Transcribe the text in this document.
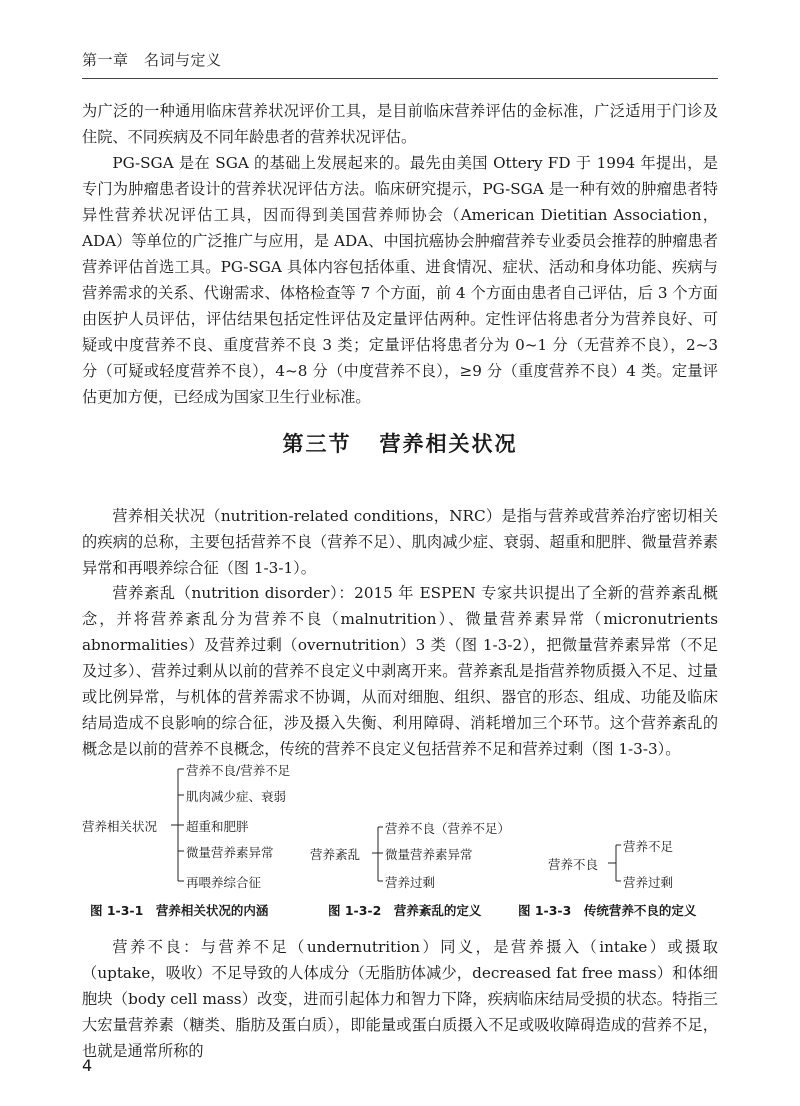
第一章　名词与定义

为广泛的一种通用临床营养状况评价工具，是目前临床营养评估的金标准，广泛适用于门诊及住院、不同疾病及不同年龄患者的营养状况评估。

PG-SGA 是在 SGA 的基础上发展起来的。最先由美国 Ottery FD 于 1994 年提出，是专门为肿瘤患者设计的营养状况评估方法。临床研究提示，PG-SGA 是一种有效的肿瘤患者特异性营养状况评估工具，因而得到美国营养师协会（American Dietitian Association，ADA）等单位的广泛推广与应用，是 ADA、中国抗癌协会肿瘤营养专业委员会推荐的肿瘤患者营养评估首选工具。PG-SGA 具体内容包括体重、进食情况、症状、活动和身体功能、疾病与营养需求的关系、代谢需求、体格检查等 7 个方面，前 4 个方面由患者自己评估，后 3 个方面由医护人员评估，评估结果包括定性评估及定量评估两种。定性评估将患者分为营养良好、可疑或中度营养不良、重度营养不良 3 类；定量评估将患者分为 0~1 分（无营养不良），2~3 分（可疑或轻度营养不良），4~8 分（中度营养不良），≥9 分（重度营养不良）4 类。定量评估更加方便，已经成为国家卫生行业标准。

第三节 营养相关状况

营养相关状况（nutrition-related conditions，NRC）是指与营养或营养治疗密切相关的疾病的总称，主要包括营养不良（营养不足）、肌肉减少症、衰弱、超重和肥胖、微量营养素异常和再喂养综合征（图 1-3-1）。

营养紊乱（nutrition disorder）：2015 年 ESPEN 专家共识提出了全新的营养紊乱概念，并将营养紊乱分为营养不良（malnutrition）、微量营养素异常（micronutrients abnormalities）及营养过剩（overnutrition）3 类（图 1-3-2），把微量营养素异常（不足及过多）、营养过剩从以前的营养不良定义中剥离开来。营养紊乱是指营养物质摄入不足、过量或比例异常，与机体的营养需求不协调，从而对细胞、组织、器官的形态、组成、功能及临床结局造成不良影响的综合征，涉及摄入失衡、利用障碍、消耗增加三个环节。这个营养紊乱的概念是以前的营养不良概念，传统的营养不良定义包括营养不足和营养过剩（图 1-3-3）。

营养相关状况
营养不良/营养不足
肌肉减少症、衰弱
超重和肥胖
微量营养素异常
再喂养综合征
营养紊乱
营养不良（营养不足）
微量营养素异常
营养过剩
营养不良
营养不足
营养过剩
图 1-3-1　营养相关状况的内涵	图 1-3-2　营养紊乱的定义	图 1-3-3　传统营养不良的定义

营养不良：与营养不足（undernutrition）同义，是营养摄入（intake）或摄取（uptake，吸收）不足导致的人体成分（无脂肪体减少，decreased fat free mass）和体细胞块（body cell mass）改变，进而引起体力和智力下降，疾病临床结局受损的状态。特指三大宏量营养素（糖类、脂肪及蛋白质），即能量或蛋白质摄入不足或吸收障碍造成的营养不足，也就是通常所称的

4
